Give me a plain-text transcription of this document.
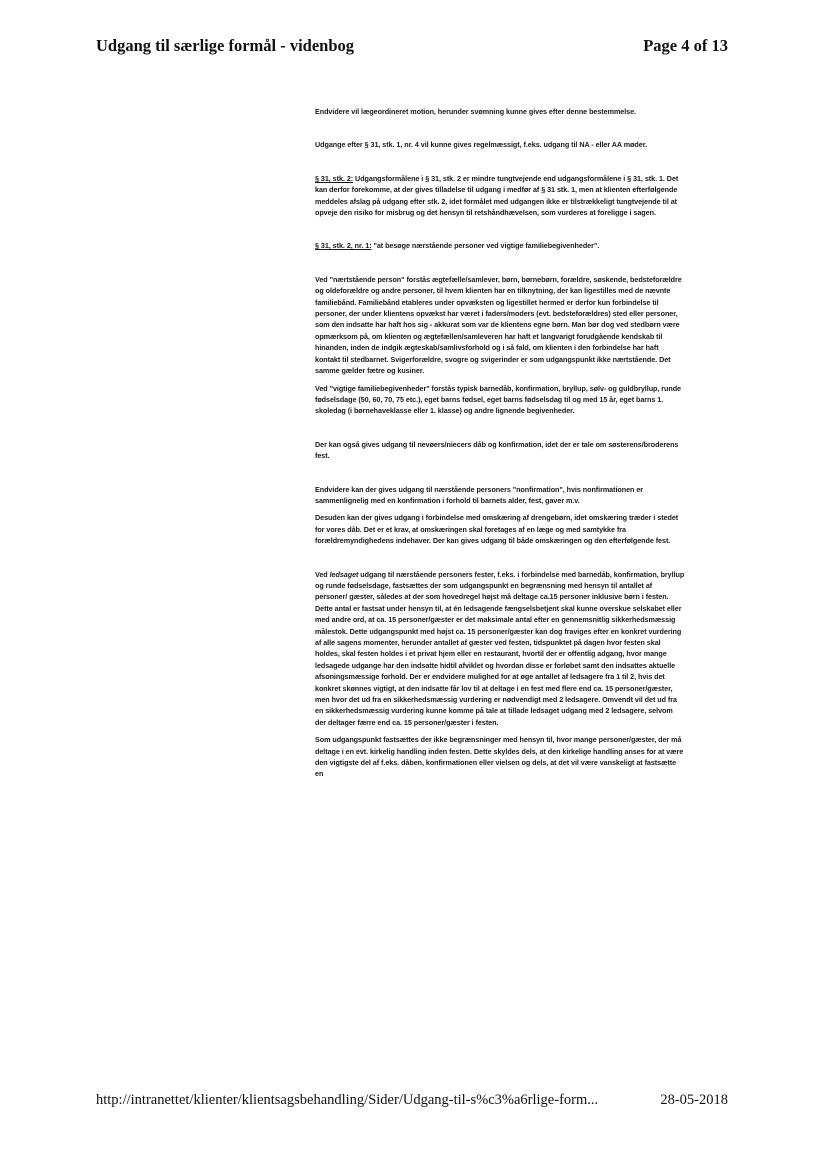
Udgang til særlige formål - videnbog	Page 4 of 13

Endvidere vil lægeordineret motion, herunder svømning kunne gives efter denne bestemmelse.

Udgange efter § 31, stk. 1, nr. 4 vil kunne gives regelmæssigt, f.eks. udgang til NA - eller AA møder.

§ 31, stk. 2: Udgangsformålene i § 31, stk. 2 er mindre tungtvejende end udgangsformålene i § 31, stk. 1. Det kan derfor forekomme, at der gives tilladelse til udgang i medfør af § 31 stk. 1, men at klienten efterfølgende meddeles afslag på udgang efter stk. 2, idet formålet med udgangen ikke er tilstrækkeligt tungtvejende til at opveje den risiko for misbrug og det hensyn til retshåndhævelsen, som vurderes at foreligge i sagen.

§ 31, stk. 2, nr. 1: "at besøge nærstående personer ved vigtige familiebegivenheder".

Ved "nærtstående person" forstås ægtefælle/samlever, børn, børnebørn, forældre, søskende, bedsteforældre og oldeforældre og andre personer, til hvem klienten har en tilknytning, der kan ligestilles med de nævnte familiebånd. Familiebånd etableres under opvæksten og ligestillet hermed er derfor kun forbindelse til personer, der under klientens opvækst har været i faders/moders (evt. bedsteforældres) sted eller personer, som den indsatte har haft hos sig - akkurat som var de klientens egne børn. Man bør dog ved stedbørn være opmærksom på, om klienten og ægtefællen/samleveren har haft et langvarigt forudgående kendskab til hinanden, inden de indgik ægteskab/samlivsforhold og i så fald, om klienten i den forbindelse har haft kontakt til stedbarnet. Svigerforældre, svogre og svigerinder er som udgangspunkt ikke nærtstående. Det samme gælder fætre og kusiner.

Ved "vigtige familiebegivenheder" forstås typisk barnedåb, konfirmation, bryllup, sølv- og guldbryllup, runde fødselsdage (50, 60, 70, 75 etc.), eget barns fødsel, eget barns fødselsdag til og med 15 år, eget barns 1. skoledag (i børnehaveklasse eller 1. klasse) og andre lignende begivenheder.

Der kan også gives udgang til nevøers/niecers dåb og konfirmation, idet der er tale om søsterens/broderens fest.

Endvidere kan der gives udgang til nærstående personers "nonfirmation", hvis nonfirmationen er sammenlignelig med en konfirmation i forhold til barnets alder, fest, gaver m.v.

Desuden kan der gives udgang i forbindelse med omskæring af drengebørn, idet omskæring træder i stedet for vores dåb. Det er et krav, at omskæringen skal foretages af en læge og med samtykke fra forældremyndighedens indehaver. Der kan gives udgang til både omskæringen og den efterfølgende fest.

Ved ledsaget udgang til nærstående personers fester, f.eks. i forbindelse med barnedåb, konfirmation, bryllup og runde fødselsdage, fastsættes der som udgangspunkt en begrænsning med hensyn til antallet af personer/ gæster, således at der som hovedregel højst må deltage ca.15 personer inklusive børn i festen. Dette antal er fastsat under hensyn til, at én ledsagende fængselsbetjent skal kunne overskue selskabet eller med andre ord, at ca. 15 personer/gæster er det maksimale antal efter en gennemsnitlig sikkerhedsmæssig målestok. Dette udgangspunkt med højst ca. 15 personer/gæster kan dog fraviges efter en konkret vurdering af alle sagens momenter, herunder antallet af gæster ved festen, tidspunktet på dagen hvor festen skal holdes, skal festen holdes i et privat hjem eller en restaurant, hvortil der er offentlig adgang, hvor mange ledsagede udgange har den indsatte hidtil afviklet og hvordan disse er forløbet samt den indsattes aktuelle afsoningsmæssige forhold. Der er endvidere mulighed for at øge antallet af ledsagere fra 1 til 2, hvis det konkret skønnes vigtigt, at den indsatte får lov til at deltage i en fest med flere end ca. 15 personer/gæster, men hvor det ud fra en sikkerhedsmæssig vurdering er nødvendigt med 2 ledsagere. Omvendt vil det ud fra en sikkerhedsmæssig vurdering kunne komme på tale at tillade ledsaget udgang med 2 ledsagere, selvom der deltager færre end ca. 15 personer/gæster i festen.

Som udgangspunkt fastsættes der ikke begrænsninger med hensyn til, hvor mange personer/gæster, der må deltage i en evt. kirkelig handling inden festen. Dette skyldes dels, at den kirkelige handling anses for at være den vigtigste del af f.eks. dåben, konfirmationen eller vielsen og dels, at det vil være vanskeligt at fastsætte en

http://intranettet/klienter/klientsagsbehandling/Sider/Udgang-til-s%c3%a6rlige-form...	28-05-2018
